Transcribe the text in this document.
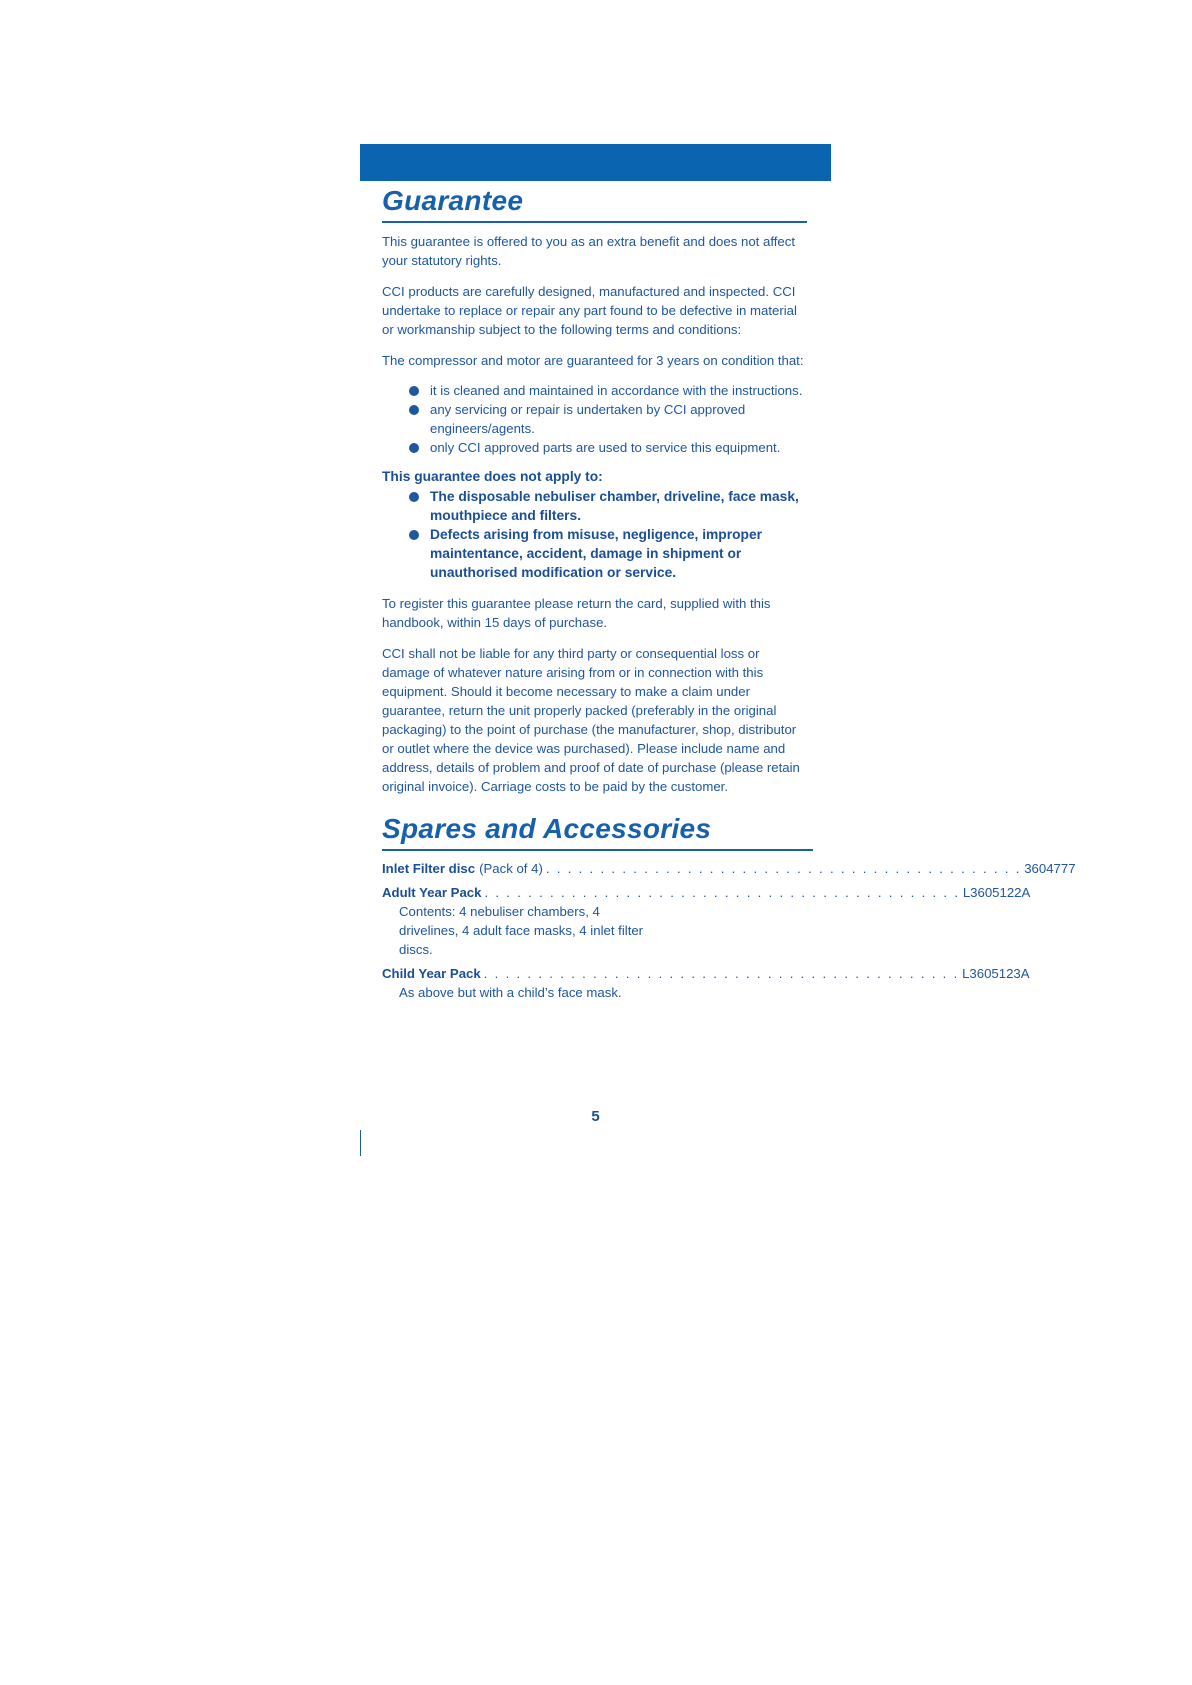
Guarantee

This guarantee is offered to you as an extra benefit and does not affect your statutory rights.

CCI products are carefully designed, manufactured and inspected. CCI undertake to replace or repair any part found to be defective in material or workmanship subject to the following terms and conditions:

The compressor and motor are guaranteed for 3 years on condition that:

it is cleaned and maintained in accordance with the instructions.
any servicing or repair is undertaken by CCI approved engineers/agents.
only CCI approved parts are used to service this equipment.

This guarantee does not apply to:

The disposable nebuliser chamber, driveline, face mask, mouthpiece and filters.
Defects arising from misuse, negligence, improper maintentance, accident, damage in shipment or unauthorised modification or service.

To register this guarantee please return the card, supplied with this handbook, within 15 days of purchase.

CCI shall not be liable for any third party or consequential loss or damage of whatever nature arising from or in connection with this equipment. Should it become necessary to make a claim under guarantee, return the unit properly packed (preferably in the original packaging) to the point of purchase (the manufacturer, shop, distributor or outlet where the device was purchased). Please include name and address, details of problem and proof of date of purchase (please retain original invoice). Carriage costs to be paid by the customer.

Spares and Accessories
Inlet Filter disc (Pack of 4) . . . . . . . . . . . . . . . . . . . . . . . . . . . . . . . . . . . . . . . . . . . . 3604777
Adult Year Pack . . . . . . . . . . . . . . . . . . . . . . . . . . . . . . . . . . . . . . . . . . . . L3605122A
Contents: 4 nebuliser chambers, 4 drivelines, 4 adult face masks, 4 inlet filter discs.
Child Year Pack . . . . . . . . . . . . . . . . . . . . . . . . . . . . . . . . . . . . . . . . . . . . L3605123A
As above but with a child’s face mask.
5
